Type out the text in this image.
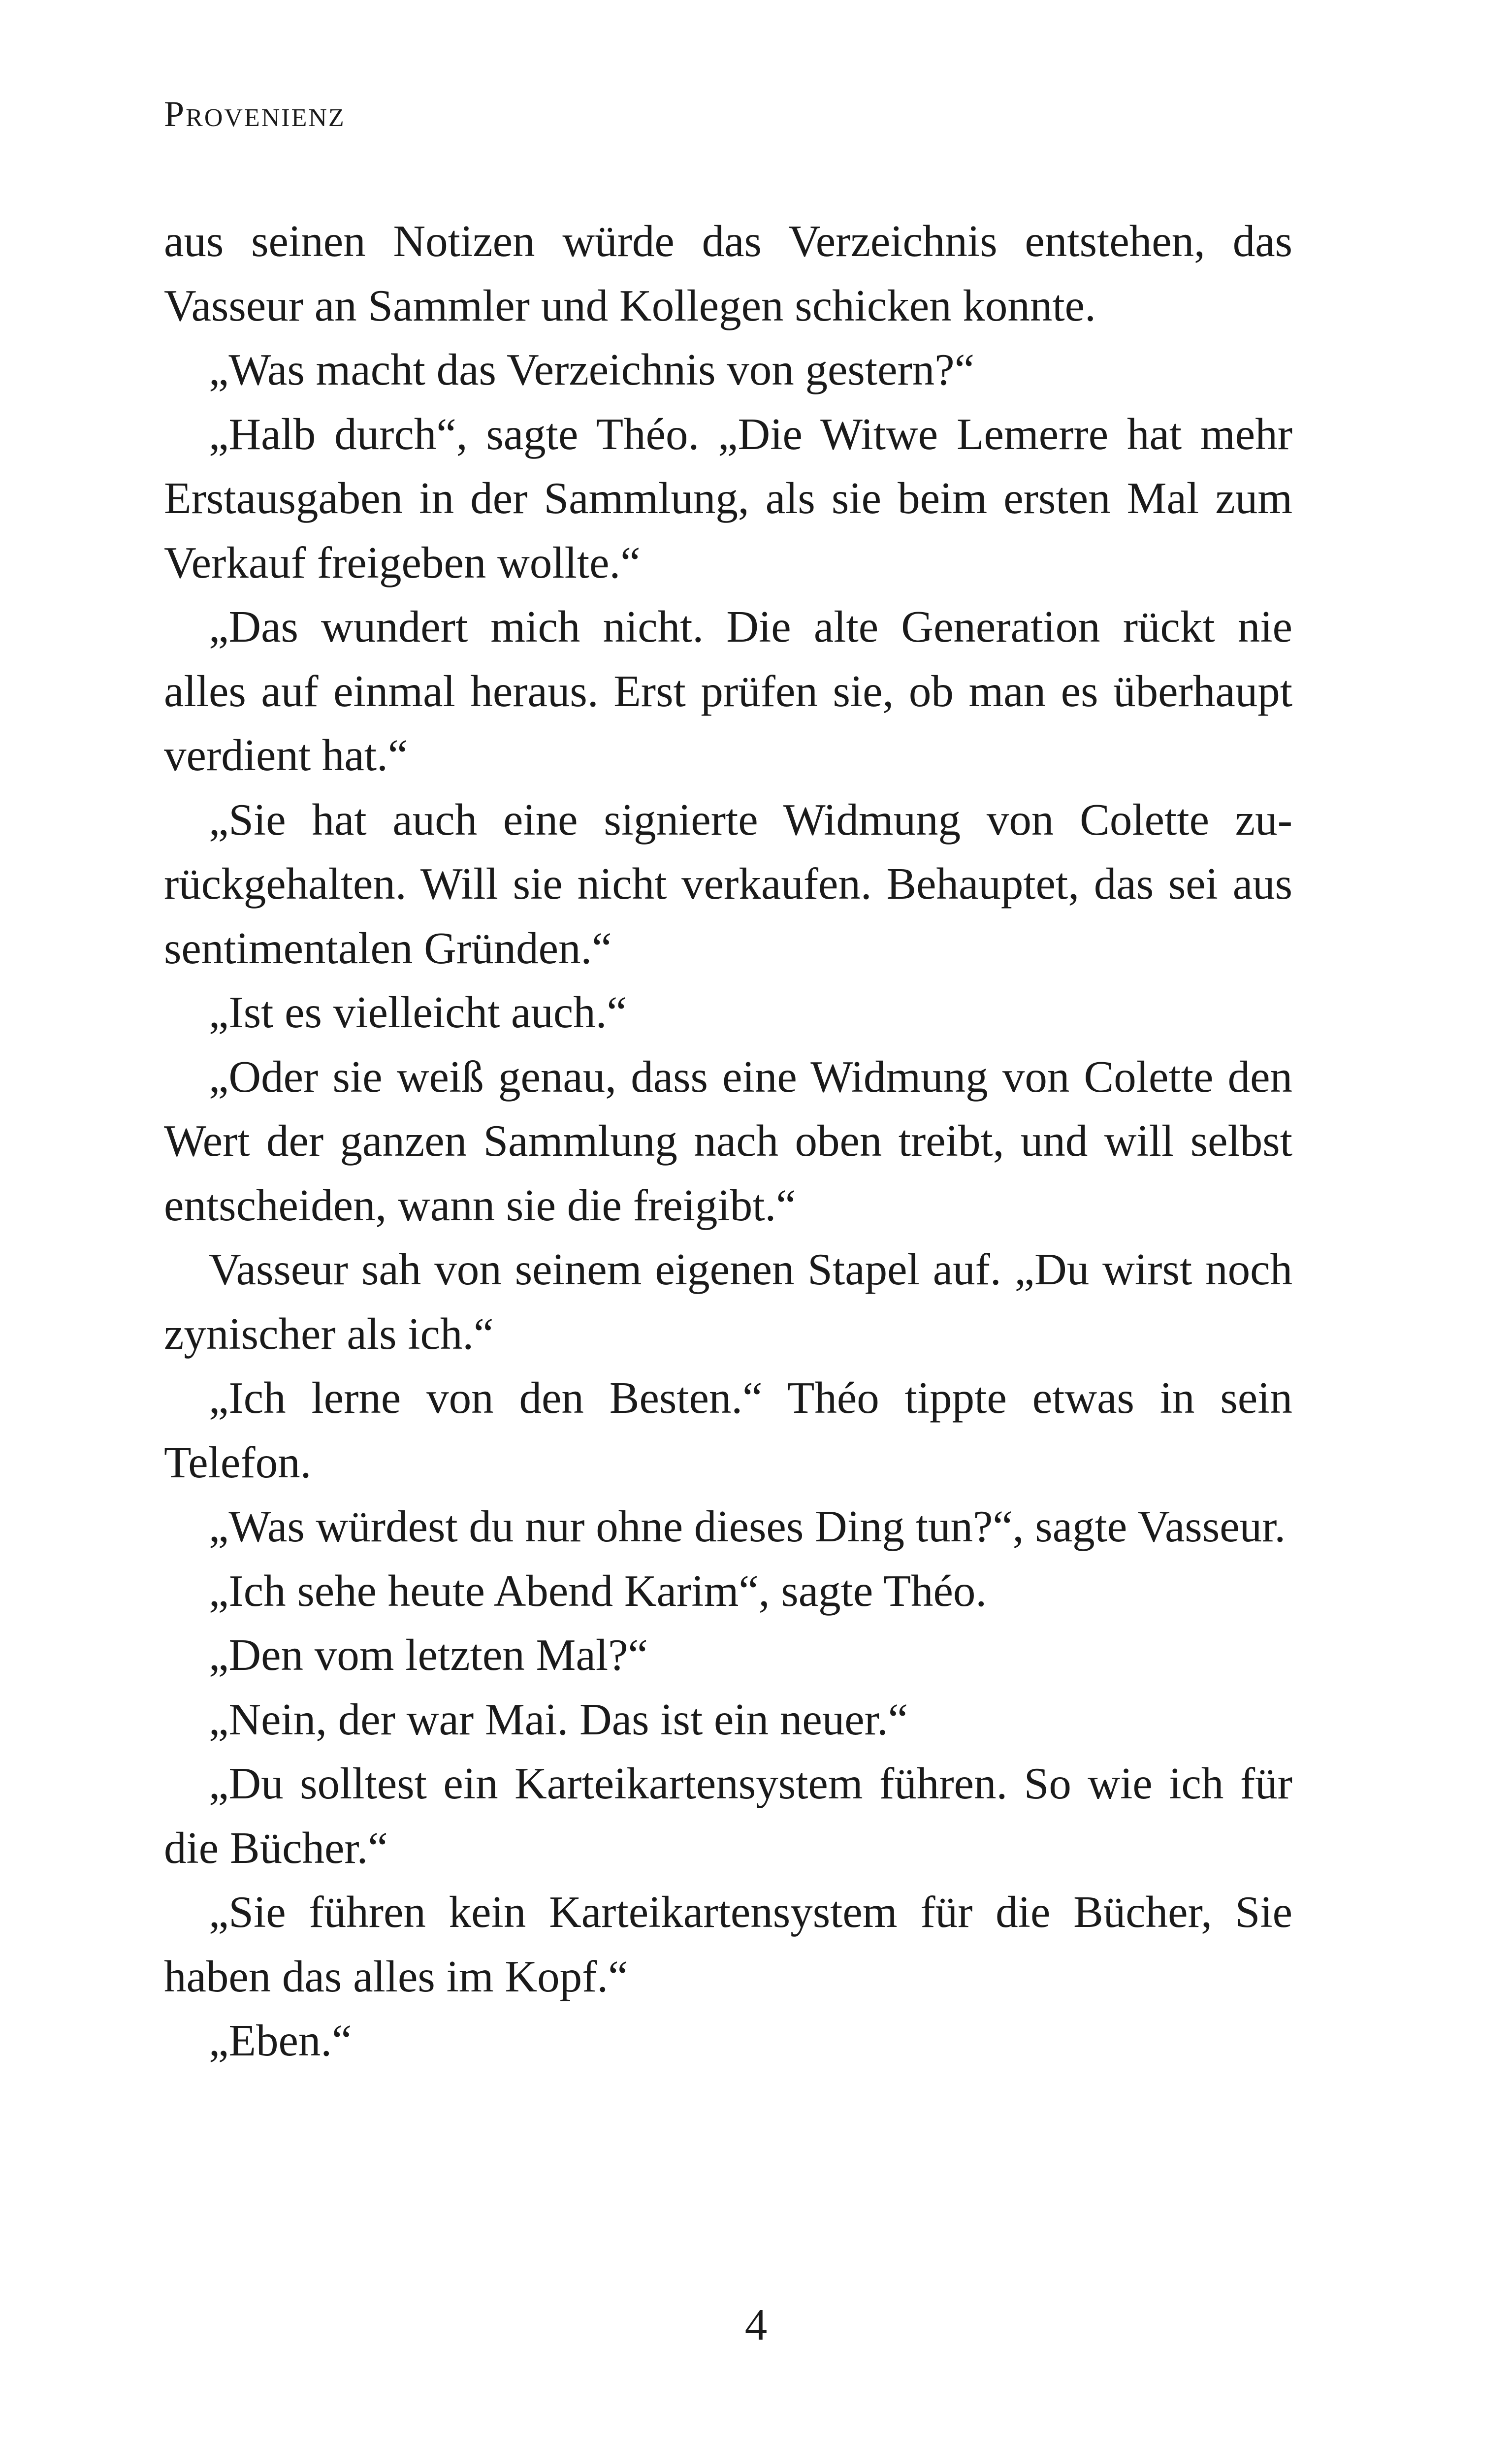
Provenienz

aus seinen Notizen würde das Verzeichnis entstehen, das Vasseur an Sammler und Kollegen schicken konnte.

„Was macht das Verzeichnis von gestern?“

„Halb durch“, sagte Théo. „Die Witwe Lemerre hat mehr Erstausgaben in der Sammlung, als sie beim ersten Mal zum Verkauf freigeben wollte.“

„Das wundert mich nicht. Die alte Generation rückt nie alles auf einmal heraus. Erst prüfen sie, ob man es überhaupt verdient hat.“

„Sie hat auch eine signierte Widmung von Colette zurückgehalten. Will sie nicht verkaufen. Behauptet, das sei aus sentimentalen Gründen.“

„Ist es vielleicht auch.“

„Oder sie weiß genau, dass eine Widmung von Colette den Wert der ganzen Sammlung nach oben treibt, und will selbst entscheiden, wann sie die freigibt.“

Vasseur sah von seinem eigenen Stapel auf. „Du wirst noch zynischer als ich.“

„Ich lerne von den Besten.“ Théo tippte etwas in sein Telefon.

„Was würdest du nur ohne dieses Ding tun?“, sagte Vasseur.

„Ich sehe heute Abend Karim“, sagte Théo.

„Den vom letzten Mal?“

„Nein, der war Mai. Das ist ein neuer.“

„Du solltest ein Karteikartensystem führen. So wie ich für die Bücher.“

„Sie führen kein Karteikartensystem für die Bücher, Sie haben das alles im Kopf.“

„Eben.“

4
